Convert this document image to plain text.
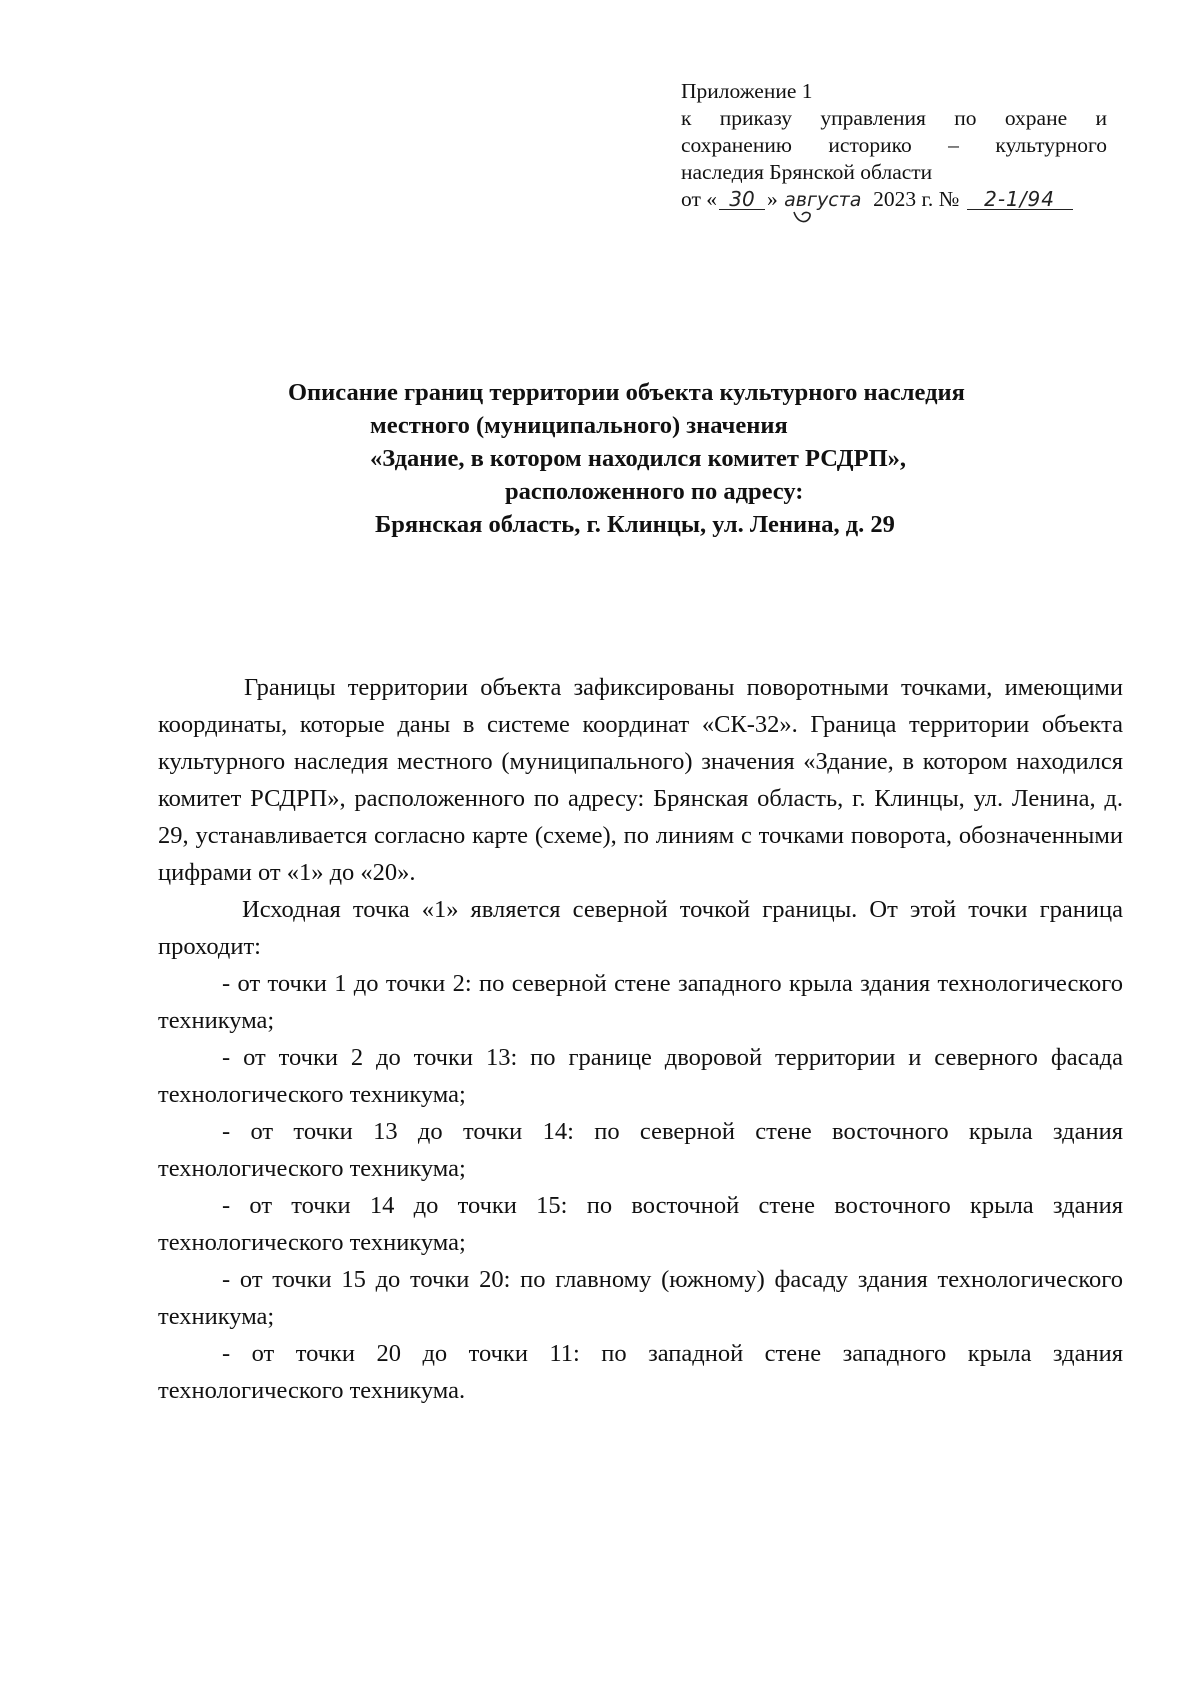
Приложение 1
к приказу управления по охране и
сохранению историко – культурного
наследия Брянской области
от « 30 » августа 2023 г. № 2-1/94
Описание границ территории объекта культурного наследия
местного (муниципального) значения
«Здание, в котором находился комитет РСДРП»,
расположенного по адресу:
Брянская область, г. Клинцы, ул. Ленина, д. 29

Границы территории объекта зафиксированы поворотными точками, имеющими координаты, которые даны в системе координат «СК-32». Граница территории объекта культурного наследия местного (муниципального) значения «Здание, в котором находился комитет РСДРП», расположенного по адресу: Брянская область, г. Клинцы, ул. Ленина, д. 29, устанавливается согласно карте (схеме), по линиям с точками поворота, обозначенными цифрами от «1» до «20».

Исходная точка «1» является северной точкой границы. От этой точки граница проходит:

- от точки 1 до точки 2: по северной стене западного крыла здания технологического техникума;

- от точки 2 до точки 13: по границе дворовой территории и северного фасада технологического техникума;

- от точки 13 до точки 14: по северной стене восточного крыла здания технологического техникума;

- от точки 14 до точки 15: по восточной стене восточного крыла здания технологического техникума;

- от точки 15 до точки 20: по главному (южному) фасаду здания технологического техникума;

- от точки 20 до точки 11: по западной стене западного крыла здания технологического техникума.
